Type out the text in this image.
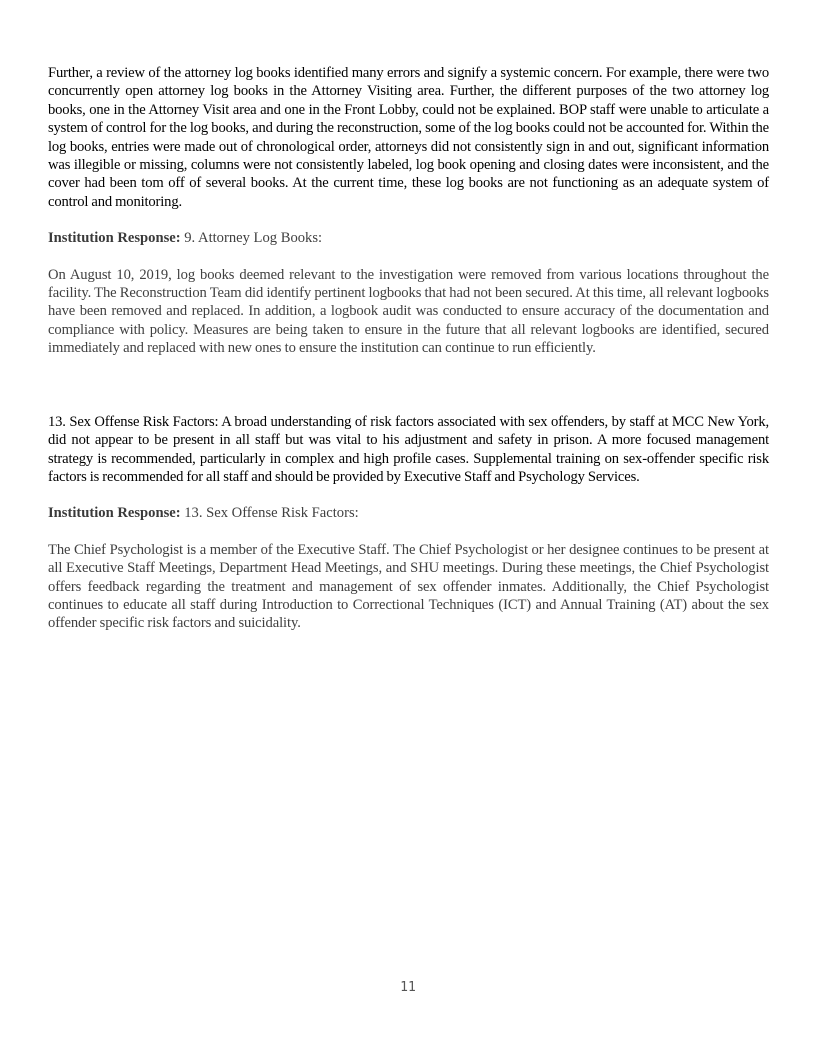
Further, a review of the attorney log books identified many errors and signify a systemic concern. For example, there were two concurrently open attorney log books in the Attorney Visiting area. Further, the different purposes of the two attorney log books, one in the Attorney Visit area and one in the Front Lobby, could not be explained. BOP staff were unable to articulate a system of control for the log books, and during the reconstruction, some of the log books could not be accounted for. Within the log books, entries were made out of chronological order, attorneys did not consistently sign in and out, significant information was illegible or missing, columns were not consistently labeled, log book opening and closing dates were inconsistent, and the cover had been tom off of several books. At the current time, these log books are not functioning as an adequate system of control and monitoring.

Institution Response: 9. Attorney Log Books:

On August 10, 2019, log books deemed relevant to the investigation were removed from various locations throughout the facility. The Reconstruction Team did identify pertinent logbooks that had not been secured. At this time, all relevant logbooks have been removed and replaced. In addition, a logbook audit was conducted to ensure accuracy of the documentation and compliance with policy. Measures are being taken to ensure in the future that all relevant logbooks are identified, secured immediately and replaced with new ones to ensure the institution can continue to run efficiently.

13. Sex Offense Risk Factors: A broad understanding of risk factors associated with sex offenders, by staff at MCC New York, did not appear to be present in all staff but was vital to his adjustment and safety in prison. A more focused management strategy is recommended, particularly in complex and high profile cases. Supplemental training on sex-offender specific risk factors is recommended for all staff and should be provided by Executive Staff and Psychology Services.

Institution Response: 13. Sex Offense Risk Factors:

The Chief Psychologist is a member of the Executive Staff. The Chief Psychologist or her designee continues to be present at all Executive Staff Meetings, Department Head Meetings, and SHU meetings. During these meetings, the Chief Psychologist offers feedback regarding the treatment and management of sex offender inmates. Additionally, the Chief Psychologist continues to educate all staff during Introduction to Correctional Techniques (ICT) and Annual Training (AT) about the sex offender specific risk factors and suicidality.

11
